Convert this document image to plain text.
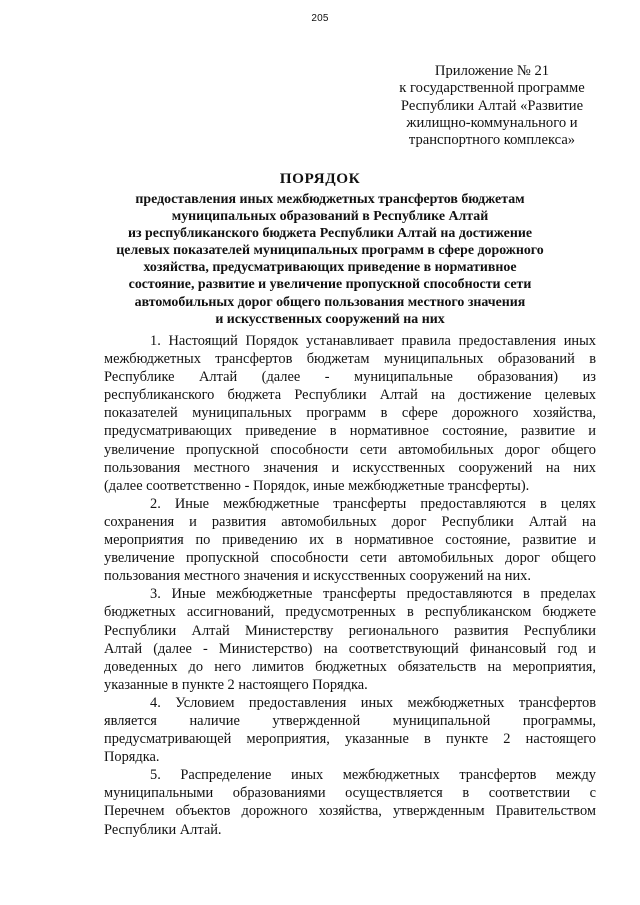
205
Приложение № 21
к государственной программе
Республики Алтай «Развитие
жилищно-коммунального и
транспортного комплекса»
ПОРЯДОК
предоставления иных межбюджетных трансфертов бюджетам
муниципальных образований в Республике Алтай
из республиканского бюджета Республики Алтай на достижение
целевых показателей муниципальных программ в сфере дорожного
хозяйства, предусматривающих приведение в нормативное
состояние, развитие и увеличение пропускной способности сети
автомобильных дорог общего пользования местного значения
и искусственных сооружений на них
1. Настоящий Порядок устанавливает правила предоставления иных
межбюджетных трансфертов бюджетам муниципальных образований в
Республике Алтай (далее - муниципальные образования) из
республиканского бюджета Республики Алтай на достижение целевых
показателей муниципальных программ в сфере дорожного хозяйства,
предусматривающих приведение в нормативное состояние, развитие и
увеличение пропускной способности сети автомобильных дорог общего
пользования местного значения и искусственных сооружений на них
(далее соответственно - Порядок, иные межбюджетные трансферты).
2. Иные межбюджетные трансферты предоставляются в целях
сохранения и развития автомобильных дорог Республики Алтай на
мероприятия по приведению их в нормативное состояние, развитие и
увеличение пропускной способности сети автомобильных дорог общего
пользования местного значения и искусственных сооружений на них.
3. Иные межбюджетные трансферты предоставляются в пределах
бюджетных ассигнований, предусмотренных в республиканском бюджете
Республики Алтай Министерству регионального развития Республики
Алтай (далее - Министерство) на соответствующий финансовый год и
доведенных до него лимитов бюджетных обязательств на мероприятия,
указанные в пункте 2 настоящего Порядка.
4. Условием предоставления иных межбюджетных трансфертов
является наличие утвержденной муниципальной программы,
предусматривающей мероприятия, указанные в пункте 2 настоящего
Порядка.
5. Распределение иных межбюджетных трансфертов между
муниципальными образованиями осуществляется в соответствии с
Перечнем объектов дорожного хозяйства, утвержденным Правительством
Республики Алтай.
